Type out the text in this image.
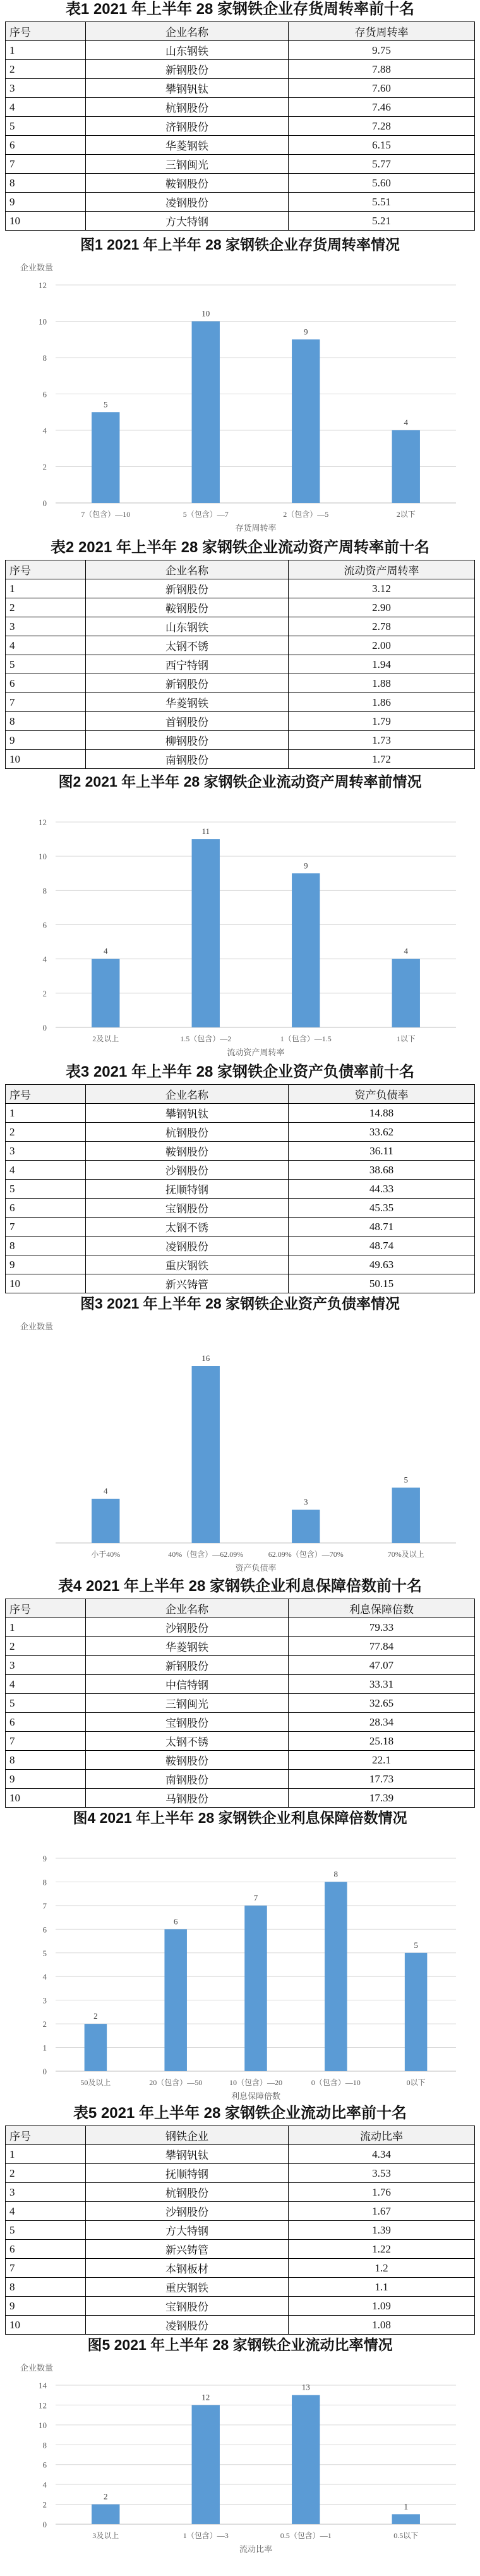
表1 2021 年上半年 28 家钢铁企业存货周转率前十名
序号	企业名称	存货周转率
1	山东钢铁	9.75
2	新钢股份	7.88
3	攀钢钒钛	7.60
4	杭钢股份	7.46
5	济钢股份	7.28
6	华菱钢铁	6.15
7	三钢闽光	5.77
8	鞍钢股份	5.60
9	凌钢股份	5.51
10	方大特钢	5.21
图1 2021 年上半年 28 家钢铁企业存货周转率情况
企业数量
0
2
4
6
8
10
12
5
7（包含）—10
10
5（包含）—7
9
2（包含）—5
4
2以下
存货周转率
表2 2021 年上半年 28 家钢铁企业流动资产周转率前十名
序号	企业名称	流动资产周转率
1	新钢股份	3.12
2	鞍钢股份	2.90
3	山东钢铁	2.78
4	太钢不锈	2.00
5	西宁特钢	1.94
6	新钢股份	1.88
7	华菱钢铁	1.86
8	首钢股份	1.79
9	柳钢股份	1.73
10	南钢股份	1.72
图2 2021 年上半年 28 家钢铁企业流动资产周转率前情况
0
2
4
6
8
10
12
4
2及以上
11
1.5（包含）—2
9
1（包含）—1.5
4
1以下
流动资产周转率
表3 2021 年上半年 28 家钢铁企业资产负债率前十名
序号	企业名称	资产负债率
1	攀钢钒钛	14.88
2	杭钢股份	33.62
3	鞍钢股份	36.11
4	沙钢股份	38.68
5	抚顺特钢	44.33
6	宝钢股份	45.35
7	太钢不锈	48.71
8	凌钢股份	48.74
9	重庆钢铁	49.63
10	新兴铸管	50.15
图3 2021 年上半年 28 家钢铁企业资产负债率情况
企业数量
4
小于40%
16
40%（包含）—62.09%
3
62.09%（包含）—70%
5
70%及以上
资产负债率
表4 2021 年上半年 28 家钢铁企业利息保障倍数前十名
序号	企业名称	利息保障倍数
1	沙钢股份	79.33
2	华菱钢铁	77.84
3	新钢股份	47.07
4	中信特钢	33.31
5	三钢闽光	32.65
6	宝钢股份	28.34
7	太钢不锈	25.18
8	鞍钢股份	22.1
9	南钢股份	17.73
10	马钢股份	17.39
图4 2021 年上半年 28 家钢铁企业利息保障倍数情况
0
1
2
3
4
5
6
7
8
9
2
50及以上
6
20（包含）—50
7
10（包含）—20
8
0（包含）—10
5
0以下
利息保障倍数
表5 2021 年上半年 28 家钢铁企业流动比率前十名
序号	钢铁企业	流动比率
1	攀钢钒钛	4.34
2	抚顺特钢	3.53
3	杭钢股份	1.76
4	沙钢股份	1.67
5	方大特钢	1.39
6	新兴铸管	1.22
7	本钢板材	1.2
8	重庆钢铁	1.1
9	宝钢股份	1.09
10	凌钢股份	1.08
图5 2021 年上半年 28 家钢铁企业流动比率情况
企业数量
0
2
4
6
8
10
12
14
2
3及以上
12
1（包含）—3
13
0.5（包含）—1
1
0.5以下
流动比率
